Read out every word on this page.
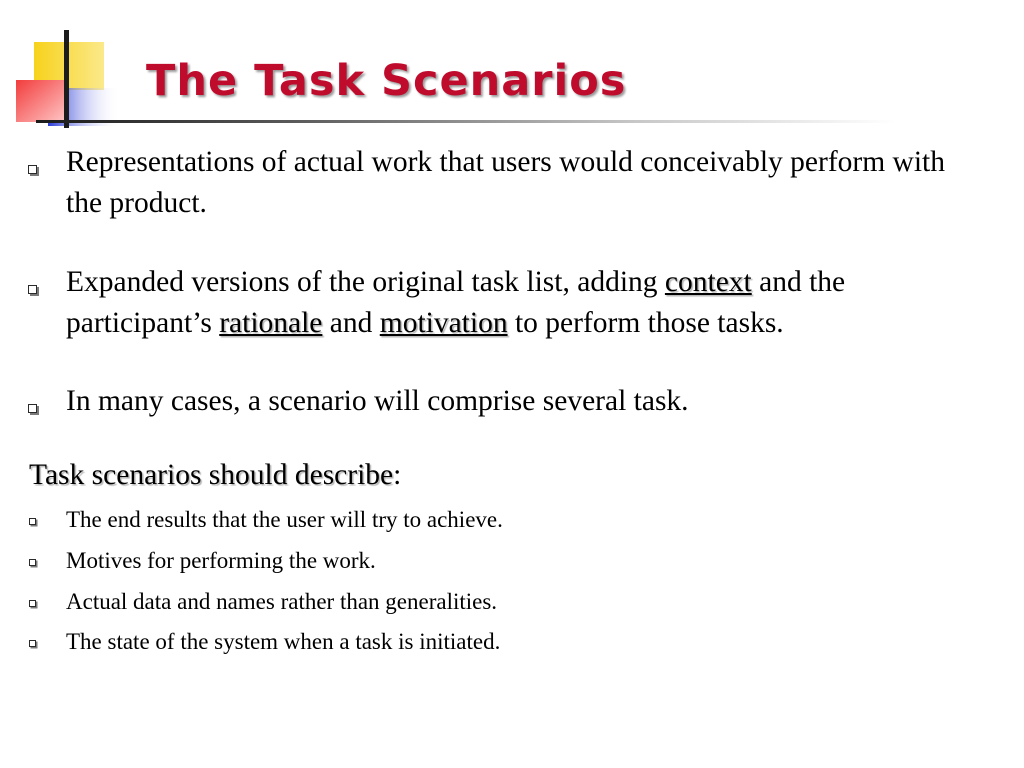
The Task Scenarios
Representations of actual work that users would conceivably perform with the product.
Expanded versions of the original task list, adding context and the participant’s rationale and motivation to perform those tasks.
In many cases, a scenario will comprise several task.
Task scenarios should describe:
The end results that the user will try to achieve.
Motives for performing the work.
Actual data and names rather than generalities.
The state of the system when a task is initiated.
